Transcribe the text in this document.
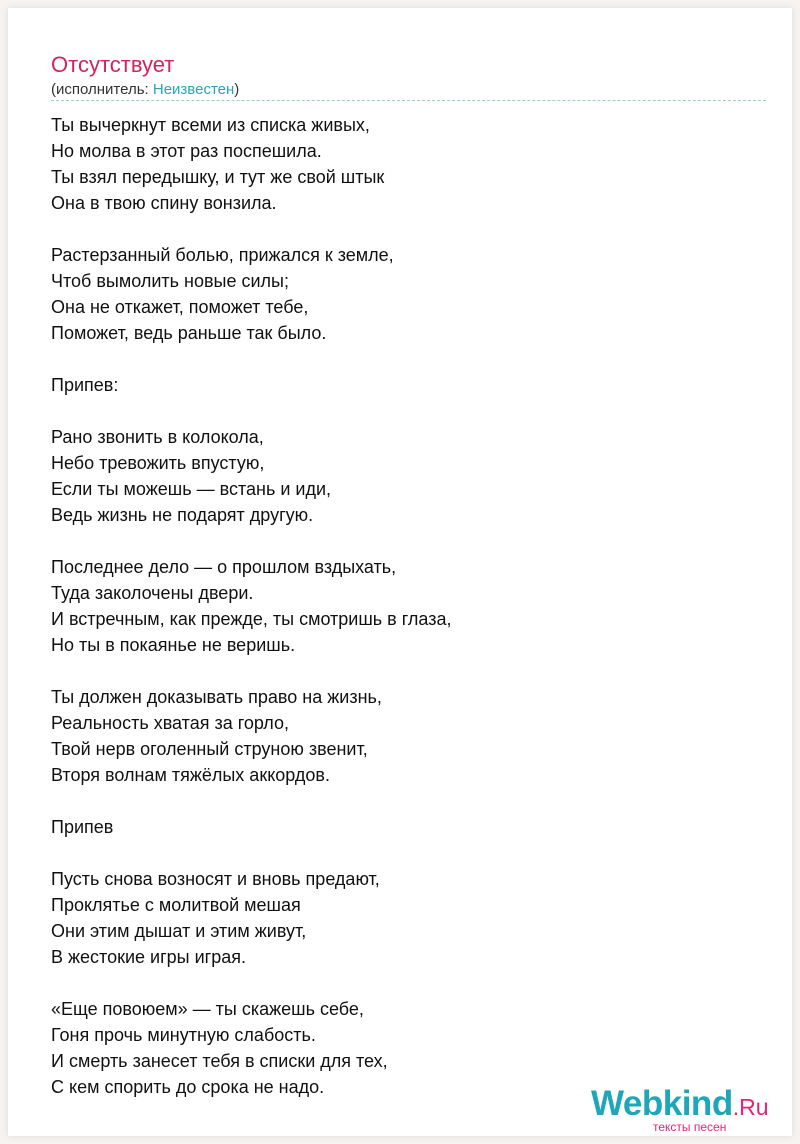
Отсутствует
(исполнитель: Неизвестен)
Ты вычеркнут всеми из списка живых,
Но молва в этот раз поспешила.
Ты взял передышку, и тут же свой штык
Она в твою спину вонзила.
Растерзанный болью, прижался к земле,
Чтоб вымолить новые силы;
Она не откажет, поможет тебе,
Поможет, ведь раньше так было.
Припев:
Рано звонить в колокола,
Небо тревожить впустую,
Если ты можешь — встань и иди,
Ведь жизнь не подарят другую.
Последнее дело — о прошлом вздыхать,
Туда заколочены двери.
И встречным, как прежде, ты смотришь в глаза,
Но ты в покаянье не веришь.
Ты должен доказывать право на жизнь,
Реальность хватая за горло,
Твой нерв оголенный струною звенит,
Вторя волнам тяжёлых аккордов.
Припев
Пусть снова возносят и вновь предают,
Проклятье с молитвой мешая
Они этим дышат и этим живут,
В жестокие игры играя.
«Еще повоюем» — ты скажешь себе,
Гоня прочь минутную слабость.
И смерть занесет тебя в списки для тех,
С кем спорить до срока не надо.	Webkind.Ru
тексты песен
